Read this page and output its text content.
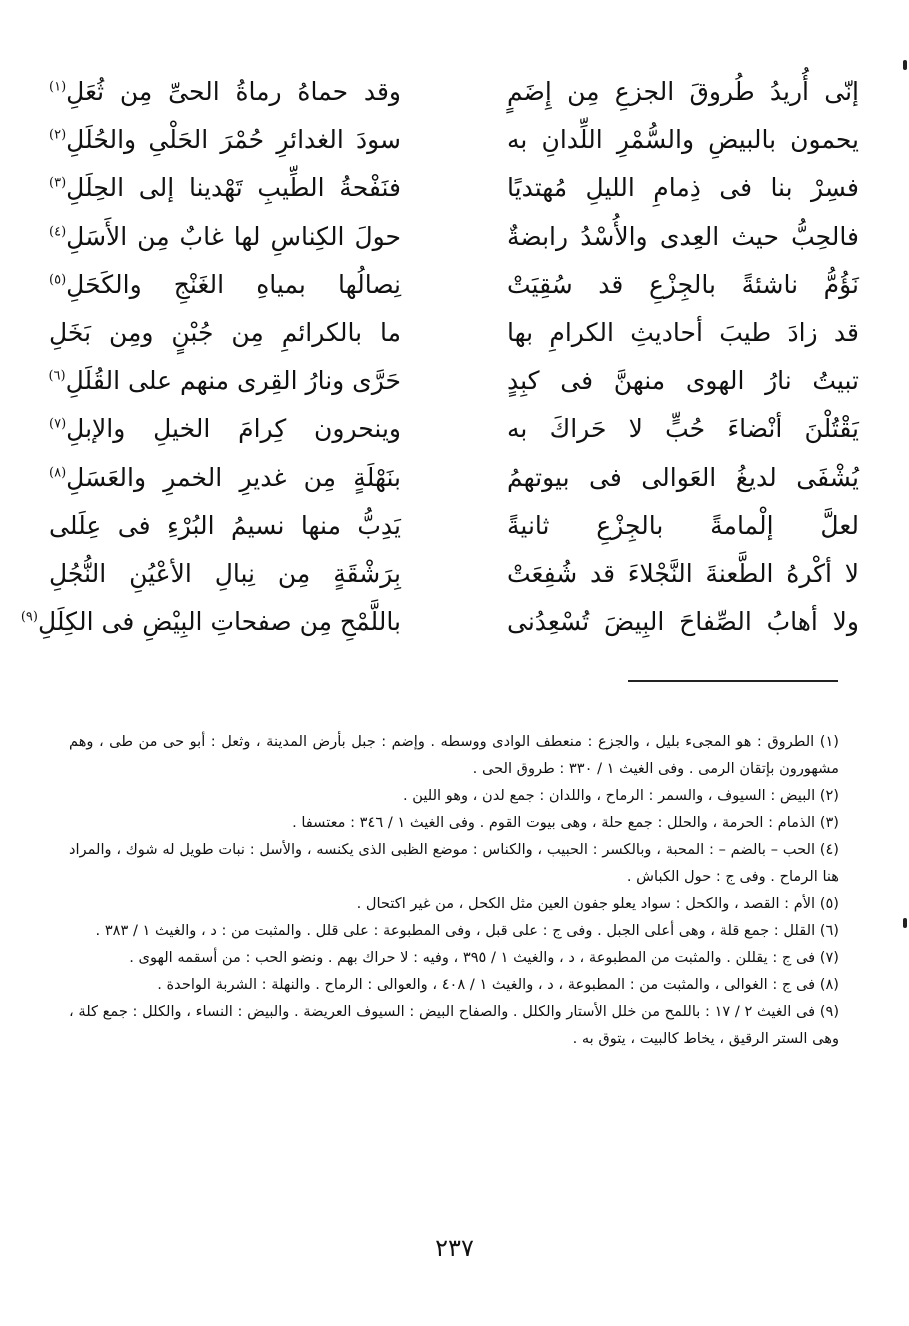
إنّى أُريدُ طُروقَ الجزعِ مِن إِضَمٍ
وقد حماهُ رماةُ الحىِّ مِن ثُعَلِ$^{(١)}$
يحمون بالبيضِ والسُّمْرِ اللِّدانِ به
سودَ الغدائرِ حُمْرَ الحَلْىِ والحُلَلِ$^{(٢)}$
فسِرْ بنا فى ذِمامِ الليلِ مُهتديًا
فنَفْحةُ الطِّيبِ تَهْدينا إلى الحِلَلِ$^{(٣)}$
فالحِبُّ حيث العِدى والأُسْدُ رابضةٌ
حولَ الكِناسِ لها غابٌ مِن الأَسَلِ$^{(٤)}$
نَؤُمُّ ناشئةً بالجِزْعِ قد سُقِيَتْ
نِصالُها بمياهِ الغَنْجِ والكَحَلِ$^{(٥)}$
قد زادَ طيبَ أحاديثِ الكرامِ بها
ما بالكرائمِ مِن جُبْنٍ ومِن بَخَلِ
تبيتُ نارُ الهوى منهنَّ فى كبِدٍ
حَرَّى ونارُ القِرى منهم على القُلَلِ$^{(٦)}$
يَقْتُلْنَ أنْضاءَ حُبٍّ لا حَراكَ به
وينحرون كِرامَ الخيلِ والإبلِ$^{(٧)}$
يُشْفَى لديغُ العَوالى فى بيوتهمُ
بنَهْلَةٍ مِن غديرِ الخمرِ والعَسَلِ$^{(٨)}$
لعلَّ إلْمامةً بالجِزْعِ ثانيةً
يَدِبُّ منها نسيمُ البُرْءِ فى عِلَلى
لا أكْرهُ الطَّعنةَ النَّجْلاءَ قد شُفِعَتْ
بِرَشْقَةٍ مِن نِبالِ الأعْيُنِ النُّجُلِ
ولا أهابُ الصِّفاحَ البِيضَ تُسْعِدُنى
باللَّمْحِ مِن صفحاتِ البِيْضِ فى الكِلَلِ$^{(٩)}$

(١) الطروق : هو المجىء بليل ، والجزع : منعطف الوادى ووسطه . وإضم : جبل بأرض المدينة ، وثعل : أبو حى من طى ، وهم مشهورون بإتقان الرمى . وفى الغيث ١ / ٣٣٠ : طروق الحى .

(٢) البيض : السيوف ، والسمر : الرماح ، واللدان : جمع لدن ، وهو اللين .

(٣) الذمام : الحرمة ، والحلل : جمع حلة ، وهى بيوت القوم . وفى الغيث ١ / ٣٤٦ : معتسفا .

(٤) الحب – بالضم – : المحبة ، وبالكسر : الحبيب ، والكناس : موضع الظبى الذى يكنسه ، والأسل : نبات طويل له شوك ، والمراد هنا الرماح . وفى ج : حول الكباش .

(٥) الأم : القصد ، والكحل : سواد يعلو جفون العين مثل الكحل ، من غير اكتحال .

(٦) القلل : جمع قلة ، وهى أعلى الجبل . وفى ج : على قبل ، وفى المطبوعة : على قلل . والمثبت من : د ، والغيث ١ / ٣٨٣ .

(٧) فى ج : يقللن . والمثبت من المطبوعة ، د ، والغيث ١ / ٣٩٥ ، وفيه : لا حراك بهم . ونضو الحب : من أسقمه الهوى .

(٨) فى ج : الغوالى ، والمثبت من : المطبوعة ، د ، والغيث ١ / ٤٠٨ ، والعوالى : الرماح . والنهلة : الشربة الواحدة .

(٩) فى الغيث ٢ / ١٧ : باللمح من خلل الأستار والكلل . والصفاح البيض : السيوف العريضة . والبيض : النساء ، والكلل : جمع كلة ، وهى الستر الرقيق ، يخاط كالبيت ، يتوق به .

٢٣٧
